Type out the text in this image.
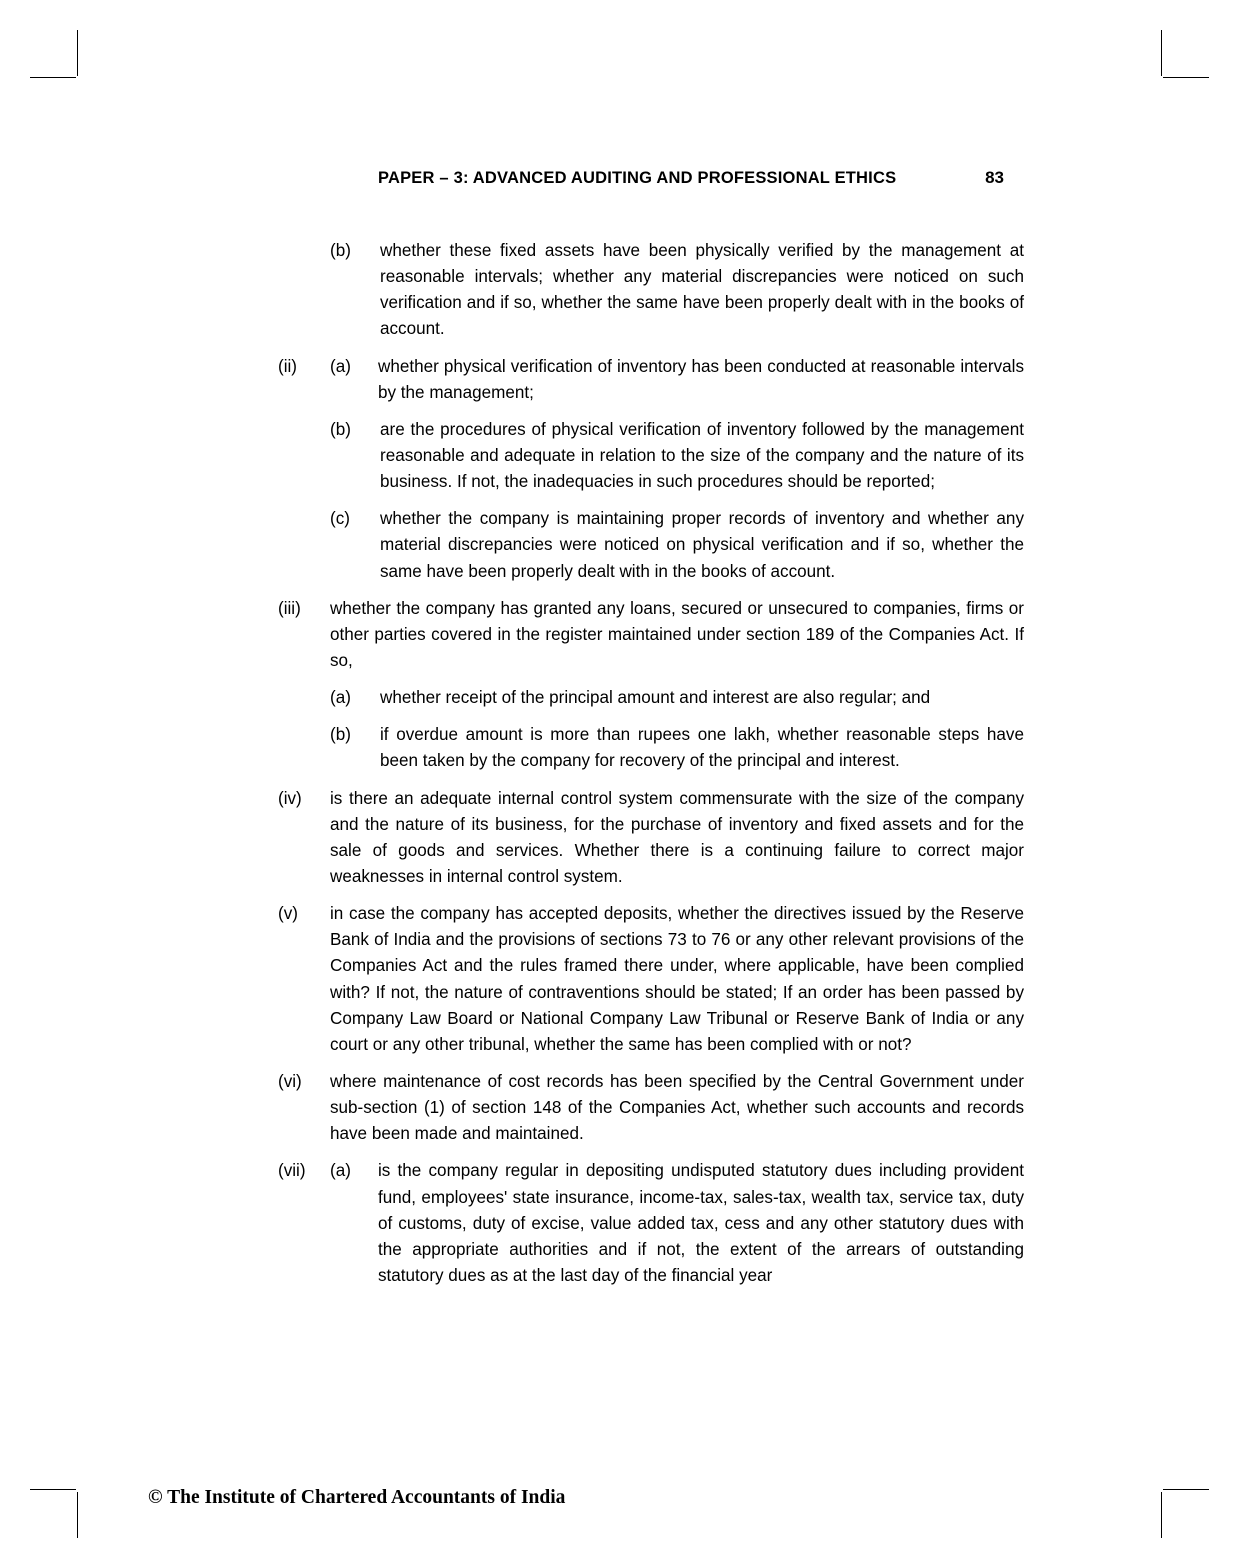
PAPER – 3: ADVANCED AUDITING AND PROFESSIONAL ETHICS	83
(b)	whether these fixed assets have been physically verified by the management at reasonable intervals; whether any material discrepancies were noticed on such verification and if so, whether the same have been properly dealt with in the books of account.
(ii)	(a)	whether physical verification of inventory has been conducted at reasonable intervals by the management;
(b)	are the procedures of physical verification of inventory followed by the management reasonable and adequate in relation to the size of the company and the nature of its business. If not, the inadequacies in such procedures should be reported;
(c)	whether the company is maintaining proper records of inventory and whether any material discrepancies were noticed on physical verification and if so, whether the same have been properly dealt with in the books of account.
(iii)	whether the company has granted any loans, secured or unsecured to companies, firms or other parties covered in the register maintained under section 189 of the Companies Act. If so,
(a)	whether receipt of the principal amount and interest are also regular; and
(b)	if overdue amount is more than rupees one lakh, whether reasonable steps have been taken by the company for recovery of the principal and interest.
(iv)	is there an adequate internal control system commensurate with the size of the company and the nature of its business, for the purchase of inventory and fixed assets and for the sale of goods and services. Whether there is a continuing failure to correct major weaknesses in internal control system.
(v)	in case the company has accepted deposits, whether the directives issued by the Reserve Bank of India and the provisions of sections 73 to 76 or any other relevant provisions of the Companies Act and the rules framed there under, where applicable, have been complied with? If not, the nature of contraventions should be stated; If an order has been passed by Company Law Board or National Company Law Tribunal or Reserve Bank of India or any court or any other tribunal, whether the same has been complied with or not?
(vi)	where maintenance of cost records has been specified by the Central Government under sub-section (1) of section 148 of the Companies Act, whether such accounts and records have been made and maintained.
(vii)	(a)	is the company regular in depositing undisputed statutory dues including provident fund, employees' state insurance, income-tax, sales-tax, wealth tax, service tax, duty of customs, duty of excise, value added tax, cess and any other statutory dues with the appropriate authorities and if not, the extent of the arrears of outstanding statutory dues as at the last day of the financial year
© The Institute of Chartered Accountants of India
